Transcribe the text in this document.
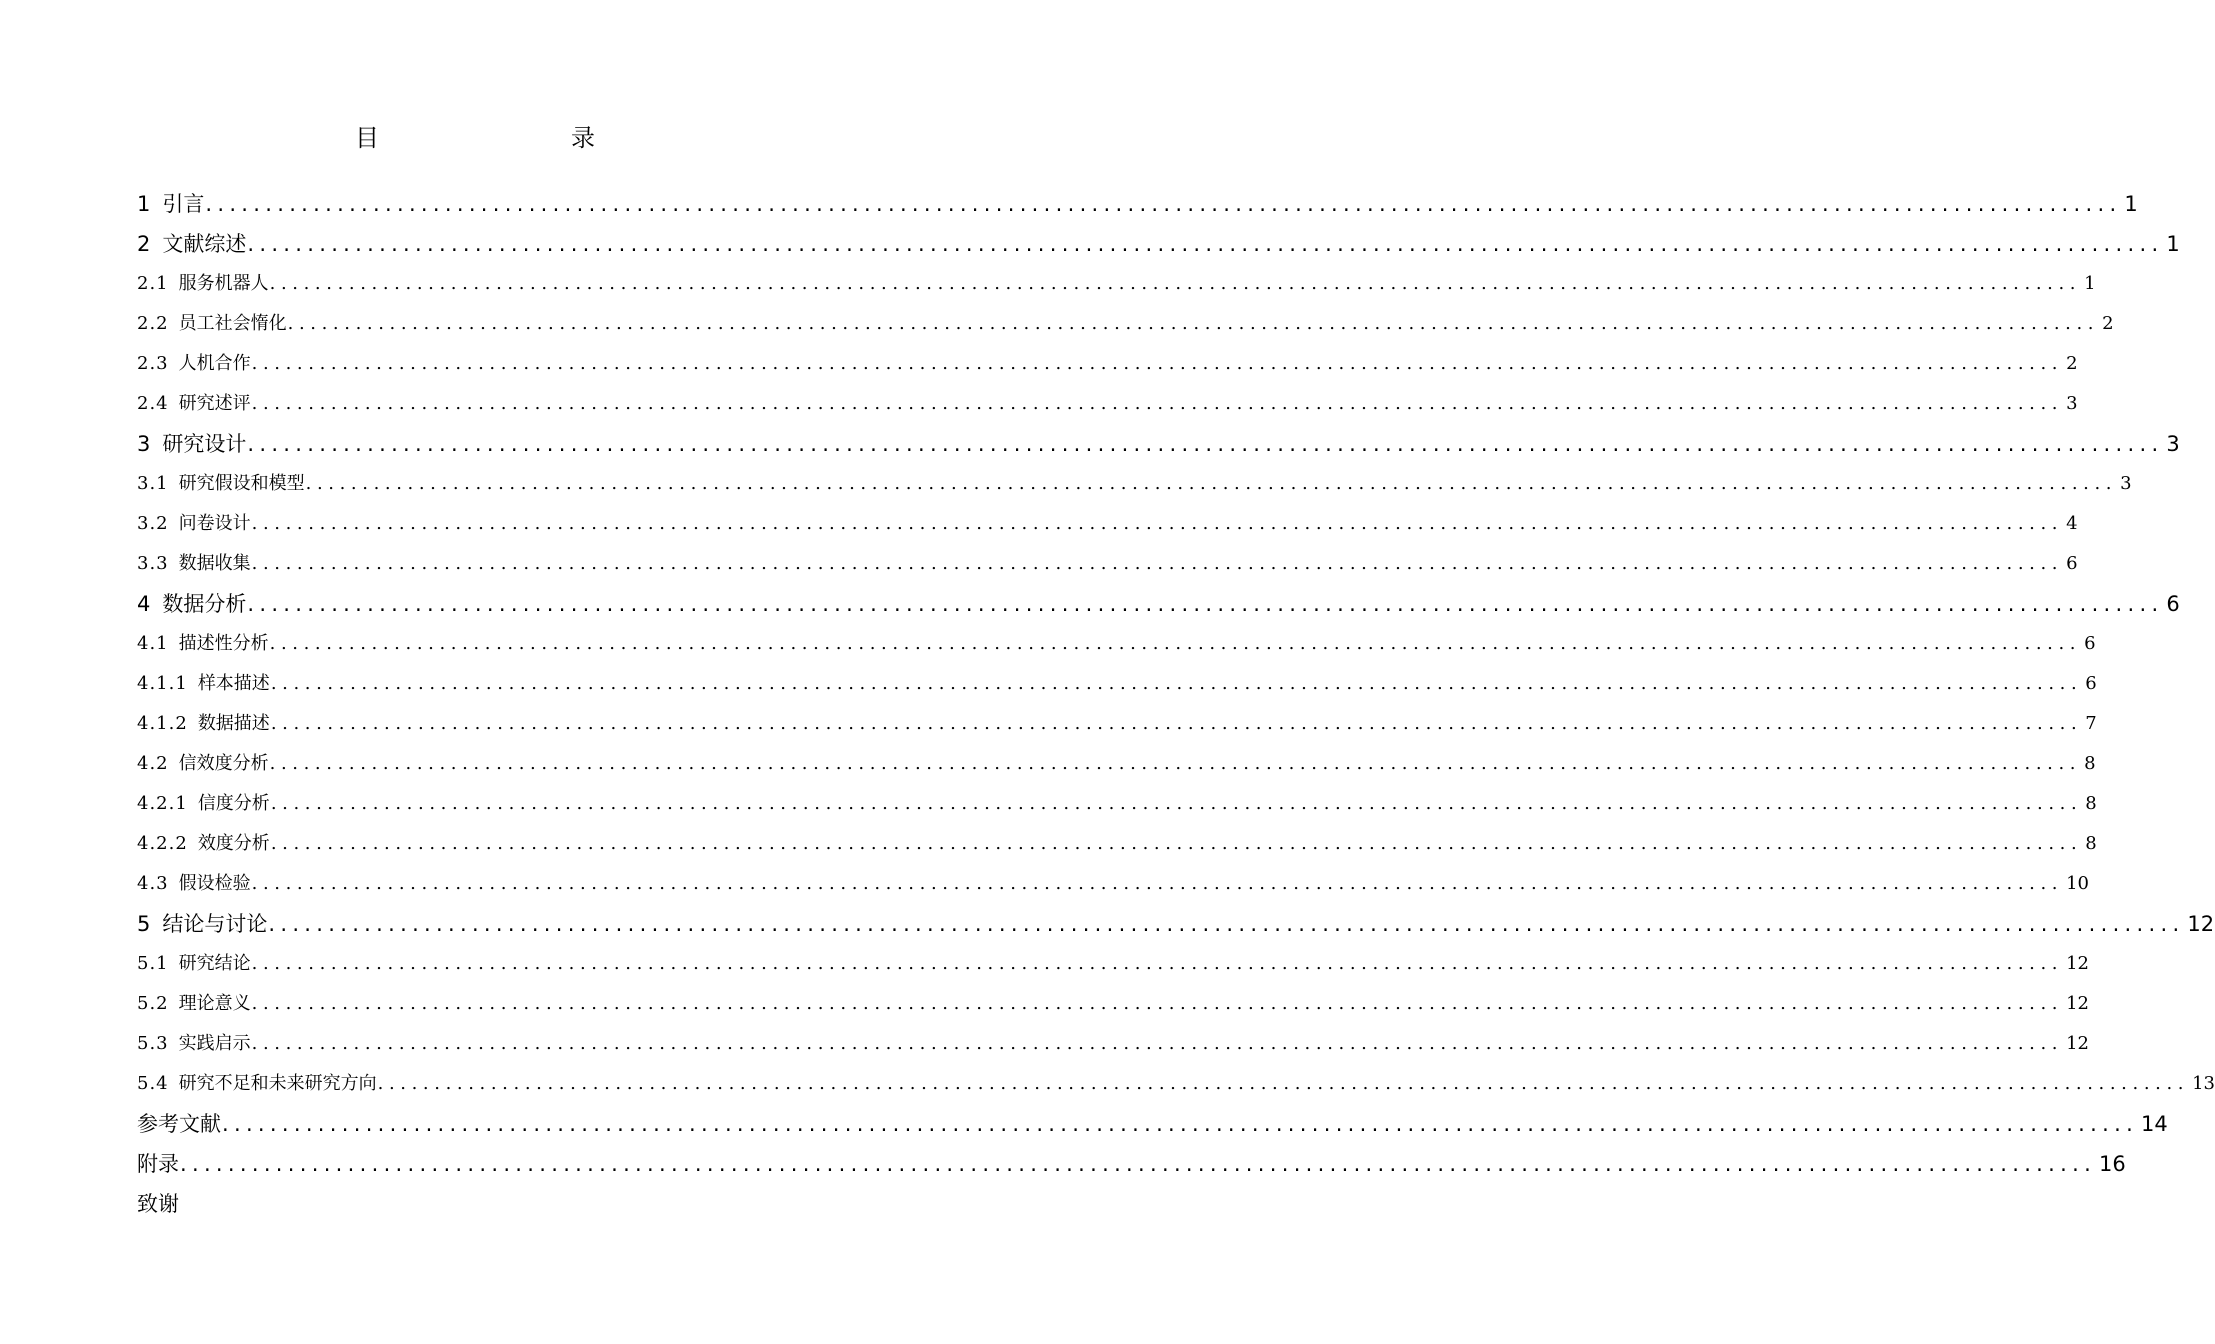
目　　录
1 引言 ................................................................................................................................................................ 1
2 文献综述 ................................................................................................................................................................ 1
2.1 服务机器人 ................................................................................................................................................................ 1
2.2 员工社会惰化 ................................................................................................................................................................ 2
2.3 人机合作 ................................................................................................................................................................ 2
2.4 研究述评 ................................................................................................................................................................ 3
3 研究设计 ................................................................................................................................................................ 3
3.1 研究假设和模型 ................................................................................................................................................................ 3
3.2 问卷设计 ................................................................................................................................................................ 4
3.3 数据收集 ................................................................................................................................................................ 6
4 数据分析 ................................................................................................................................................................ 6
4.1 描述性分析 ................................................................................................................................................................ 6
4.1.1 样本描述 ................................................................................................................................................................ 6
4.1.2 数据描述 ................................................................................................................................................................ 7
4.2 信效度分析 ................................................................................................................................................................ 8
4.2.1 信度分析 ................................................................................................................................................................ 8
4.2.2 效度分析 ................................................................................................................................................................ 8
4.3 假设检验 ................................................................................................................................................................ 10
5 结论与讨论 ................................................................................................................................................................ 12
5.1 研究结论 ................................................................................................................................................................ 12
5.2 理论意义 ................................................................................................................................................................ 12
5.3 实践启示 ................................................................................................................................................................ 12
5.4 研究不足和未来研究方向 ................................................................................................................................................................ 13
参考文献 ................................................................................................................................................................ 14
附录 ................................................................................................................................................................ 16
致谢
